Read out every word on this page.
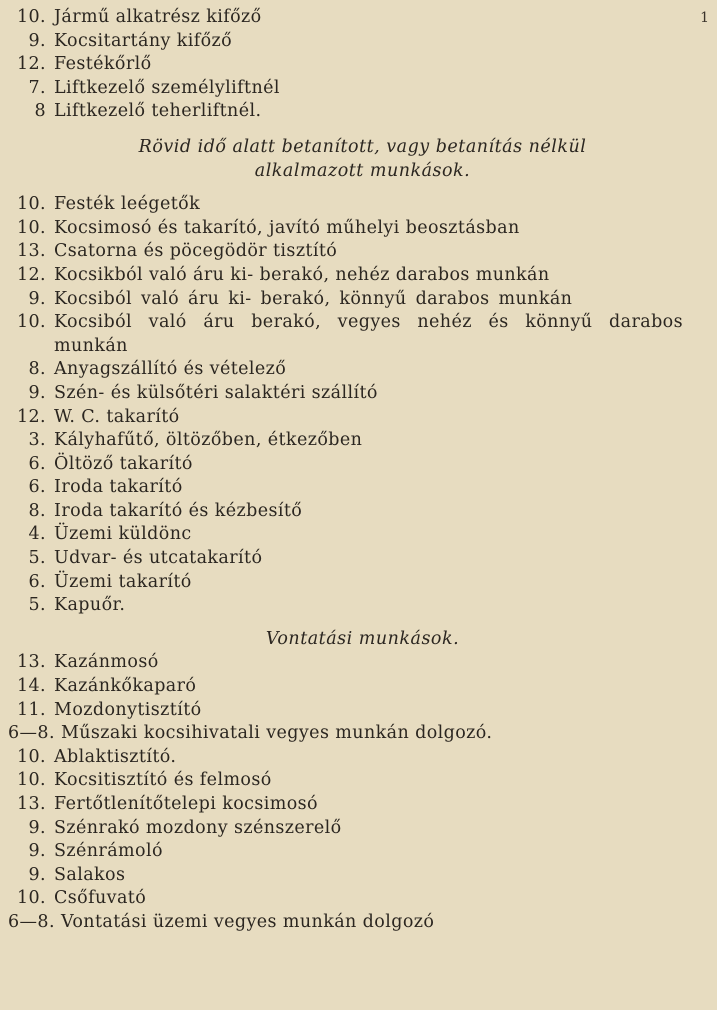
1
10. Jármű alkatrész kifőző
9. Kocsitartány kifőző
12. Festékőrlő
7. Liftkezelő személyliftnél
8 Liftkezelő teherliftnél.
Rövid idő alatt betanított, vagy betanítás nélkül
alkalmazott munkások.
10. Festék leégetők
10. Kocsimosó és takarító, javító műhelyi beosztásban
13. Csatorna és pöcegödör tisztító
12. Kocsikból való áru ki- berakó, nehéz darabos munkán
9. Kocsiból való áru ki- berakó, könnyű darabos munkán
10. Kocsiból való áru berakó, vegyes nehéz és könnyű darabos munkán
8. Anyagszállító és vételező
9. Szén- és külsőtéri salaktéri szállító
12. W. C. takarító
3. Kályhafűtő, öltözőben, étkezőben
6. Öltöző takarító
6. Iroda takarító
8. Iroda takarító és kézbesítő
4. Üzemi küldönc
5. Udvar- és utcatakarító
6. Üzemi takarító
5. Kapuőr.
Vontatási munkások.
13. Kazánmosó
14. Kazánkőkaparó
11. Mozdonytisztító
6—8. Műszaki kocsihivatali vegyes munkán dolgozó.
10. Ablaktisztító.
10. Kocsitisztító és felmosó
13. Fertőtlenítőtelepi kocsimosó
9. Szénrakó mozdony szénszerelő
9. Szénrámoló
9. Salakos
10. Csőfuvató
6—8. Vontatási üzemi vegyes munkán dolgozó
